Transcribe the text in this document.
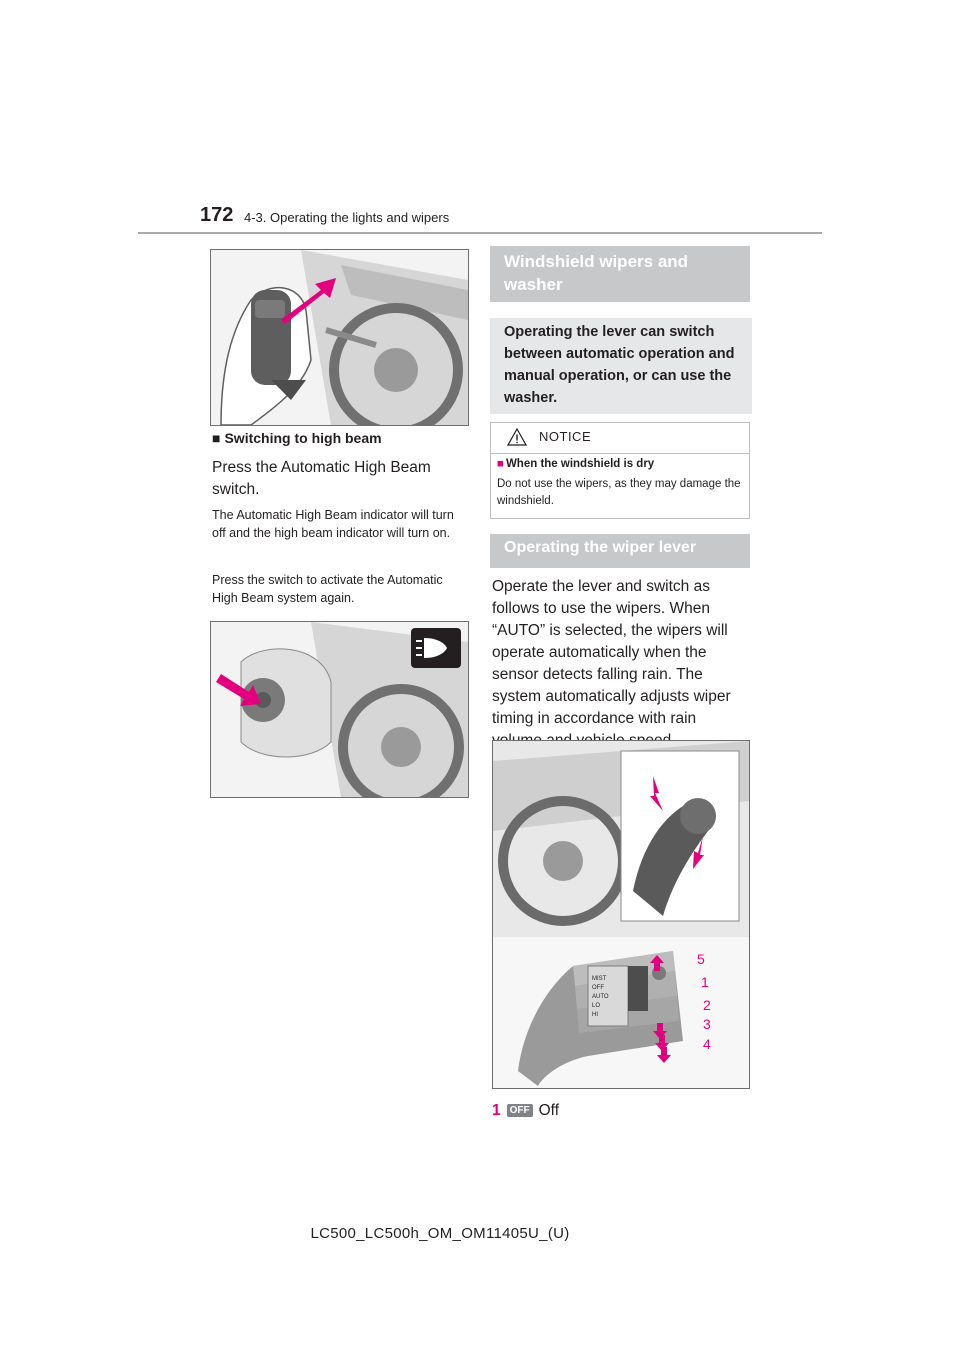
172 4-3. Operating the lights and wipers
■ Switching to high beam
Press the Automatic High Beam switch.
The Automatic High Beam indicator will turn off and the high beam indicator will turn on.
Press the switch to activate the Automatic High Beam system again.
Windshield wipers and washer
Operating the lever can switch between automatic operation and manual operation, or can use the washer.
NOTICE
■ When the windshield is dry
Do not use the wipers, as they may damage the windshield.
Operating the wiper lever
Operate the lever and switch as follows to use the wipers. When “AUTO” is selected, the wipers will operate automatically when the sensor detects falling rain. The system automatically adjusts wiper timing in accordance with rain
MIST
OFF
AUTO
LO
HI
5
1
2
3
4
1 OFF Off
LC500_LC500h_OM_OM11405U_(U)
